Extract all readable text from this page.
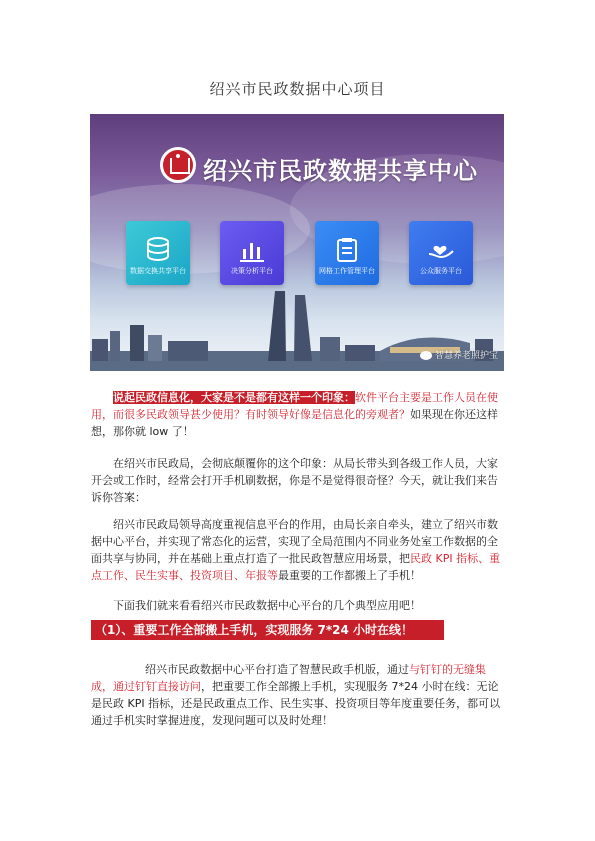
绍兴市民政数据中心项目
绍兴市民政数据共享中心
数据交换共享平台	决策分析平台	网格工作管理平台	公众服务平台
智慧养老照护宝
说起民政信息化，大家是不是都有这样一个印象：软件平台主要是工作人员在使用，而很多民政领导甚少使用？有时领导好像是信息化的旁观者？如果现在你还这样想，那你就 low 了！
在绍兴市民政局，会彻底颠覆你的这个印象：从局长带头到各级工作人员，大家开会或工作时，经常会打开手机刷数据，你是不是觉得很奇怪？今天，就让我们来告诉你答案：
绍兴市民政局领导高度重视信息平台的作用，由局长亲自牵头，建立了绍兴市数据中心平台，并实现了常态化的运营，实现了全局范围内不同业务处室工作数据的全面共享与协同，并在基础上重点打造了一批民政智慧应用场景，把民政 KPI 指标、重点工作、民生实事、投资项目、年报等最重要的工作都搬上了手机！
下面我们就来看看绍兴市民政数据中心平台的几个典型应用吧！
（1）、重要工作全部搬上手机，实现服务 7*24 小时在线！
绍兴市民政数据中心平台打造了智慧民政手机版，通过与钉钉的无缝集成，通过钉钉直接访问，把重要工作全部搬上手机，实现服务 7*24 小时在线：无论是民政 KPI 指标，还是民政重点工作、民生实事、投资项目等年度重要任务，都可以通过手机实时掌握进度，发现问题可以及时处理！
